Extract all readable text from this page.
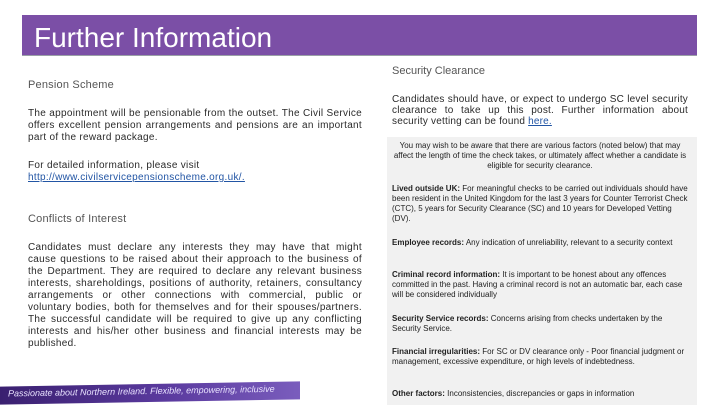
Further Information
Pension Scheme
The appointment will be pensionable from the outset. The Civil Service offers excellent pension arrangements and pensions are an important part of the reward package.
For detailed information, please visit
http://www.civilservicepensionscheme.org.uk/.
Conflicts of Interest
Candidates must declare any interests they may have that might cause questions to be raised about their approach to the business of the Department. They are required to declare any relevant business interests, shareholdings, positions of authority, retainers, consultancy arrangements or other connections with commercial, public or voluntary bodies, both for themselves and for their spouses/partners. The successful candidate will be required to give up any conflicting interests and his/her other business and financial interests may be published.
Passionate about Northern Ireland. Flexible, empowering, inclusive
Security Clearance
Candidates should have, or expect to undergo SC level security clearance to take up this post. Further information about security vetting can be found here.
You may wish to be aware that there are various factors (noted below) that may affect the length of time the check takes, or ultimately affect whether a candidate is eligible for security clearance.
Lived outside UK: For meaningful checks to be carried out individuals should have been resident in the United Kingdom for the last 3 years for Counter Terrorist Check (CTC), 5 years for Security Clearance (SC) and 10 years for Developed Vetting (DV).
Employee records: Any indication of unreliability, relevant to a security context
Criminal record information: It is important to be honest about any offences committed in the past. Having a criminal record is not an automatic bar, each case will be considered individually
Security Service records: Concerns arising from checks undertaken by the Security Service.
Financial irregularities: For SC or DV clearance only - Poor financial judgment or management, excessive expenditure, or high levels of indebtedness.
Other factors: Inconsistencies, discrepancies or gaps in information
